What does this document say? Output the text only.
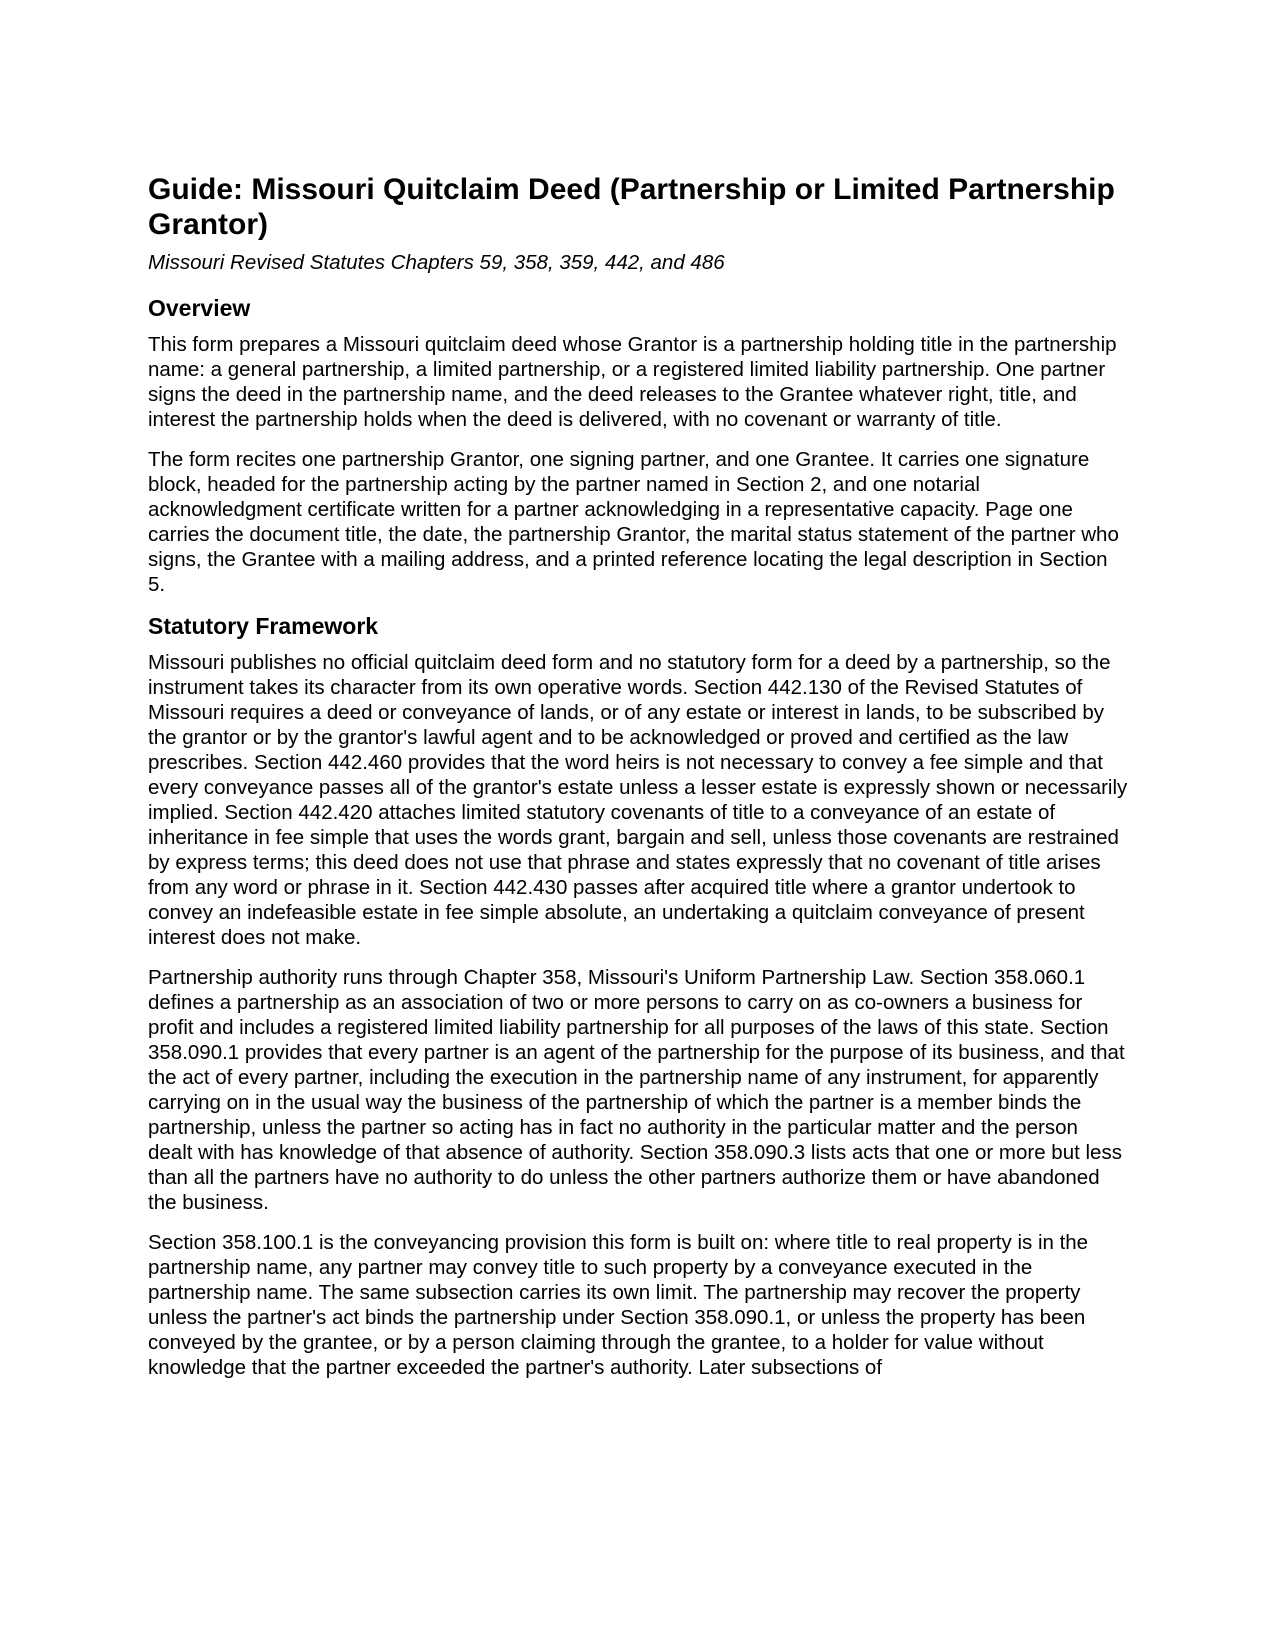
Guide: Missouri Quitclaim Deed (Partnership or Limited Partnership Grantor)
Missouri Revised Statutes Chapters 59, 358, 359, 442, and 486
Overview

This form prepares a Missouri quitclaim deed whose Grantor is a partnership holding title in the partnership name: a general partnership, a limited partnership, or a registered limited liability partnership. One partner signs the deed in the partnership name, and the deed releases to the Grantee whatever right, title, and interest the partnership holds when the deed is delivered, with no covenant or warranty of title.

The form recites one partnership Grantor, one signing partner, and one Grantee. It carries one signature block, headed for the partnership acting by the partner named in Section 2, and one notarial acknowledgment certificate written for a partner acknowledging in a representative capacity. Page one carries the document title, the date, the partnership Grantor, the marital status statement of the partner who signs, the Grantee with a mailing address, and a printed reference locating the legal description in Section 5.

Statutory Framework

Missouri publishes no official quitclaim deed form and no statutory form for a deed by a partnership, so the instrument takes its character from its own operative words. Section 442.130 of the Revised Statutes of Missouri requires a deed or conveyance of lands, or of any estate or interest in lands, to be subscribed by the grantor or by the grantor's lawful agent and to be acknowledged or proved and certified as the law prescribes. Section 442.460 provides that the word heirs is not necessary to convey a fee simple and that every conveyance passes all of the grantor's estate unless a lesser estate is expressly shown or necessarily implied. Section 442.420 attaches limited statutory covenants of title to a conveyance of an estate of inheritance in fee simple that uses the words grant, bargain and sell, unless those covenants are restrained by express terms; this deed does not use that phrase and states expressly that no covenant of title arises from any word or phrase in it. Section 442.430 passes after acquired title where a grantor undertook to convey an indefeasible estate in fee simple absolute, an undertaking a quitclaim conveyance of present interest does not make.

Partnership authority runs through Chapter 358, Missouri's Uniform Partnership Law. Section 358.060.1 defines a partnership as an association of two or more persons to carry on as co-owners a business for profit and includes a registered limited liability partnership for all purposes of the laws of this state. Section 358.090.1 provides that every partner is an agent of the partnership for the purpose of its business, and that the act of every partner, including the execution in the partnership name of any instrument, for apparently carrying on in the usual way the business of the partnership of which the partner is a member binds the partnership, unless the partner so acting has in fact no authority in the particular matter and the person dealt with has knowledge of that absence of authority. Section 358.090.3 lists acts that one or more but less than all the partners have no authority to do unless the other partners authorize them or have abandoned the business.

Section 358.100.1 is the conveyancing provision this form is built on: where title to real property is in the partnership name, any partner may convey title to such property by a conveyance executed in the partnership name. The same subsection carries its own limit. The partnership may recover the property unless the partner's act binds the partnership under Section 358.090.1, or unless the property has been conveyed by the grantee, or by a person claiming through the grantee, to a holder for value without knowledge that the partner exceeded the partner's authority. Later subsections of
